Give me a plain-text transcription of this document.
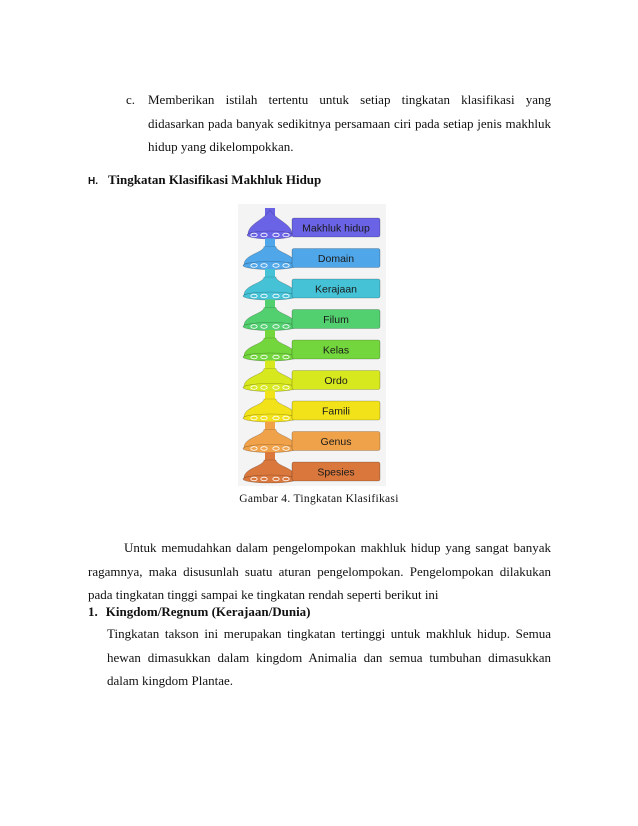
c. Memberikan istilah tertentu untuk setiap tingkatan klasifikasi yang didasarkan pada banyak sedikitnya persamaan ciri pada setiap jenis makhluk hidup yang dikelompokkan.
H. Tingkatan Klasifikasi Makhluk Hidup
Makhluk hidup
Domain
Kerajaan
Filum
Kelas
Ordo
Famili
Genus
Spesies
Gambar 4. Tingkatan Klasifikasi
Untuk memudahkan dalam pengelompokan makhluk hidup yang sangat banyak ragamnya, maka disusunlah suatu aturan pengelompokan. Pengelompokan dilakukan pada tingkatan tinggi sampai ke tingkatan rendah seperti berikut ini
1. Kingdom/Regnum (Kerajaan/Dunia)
Tingkatan takson ini merupakan tingkatan tertinggi untuk makhluk hidup. Semua hewan dimasukkan dalam kingdom Animalia dan semua tumbuhan dimasukkan dalam kingdom Plantae.
